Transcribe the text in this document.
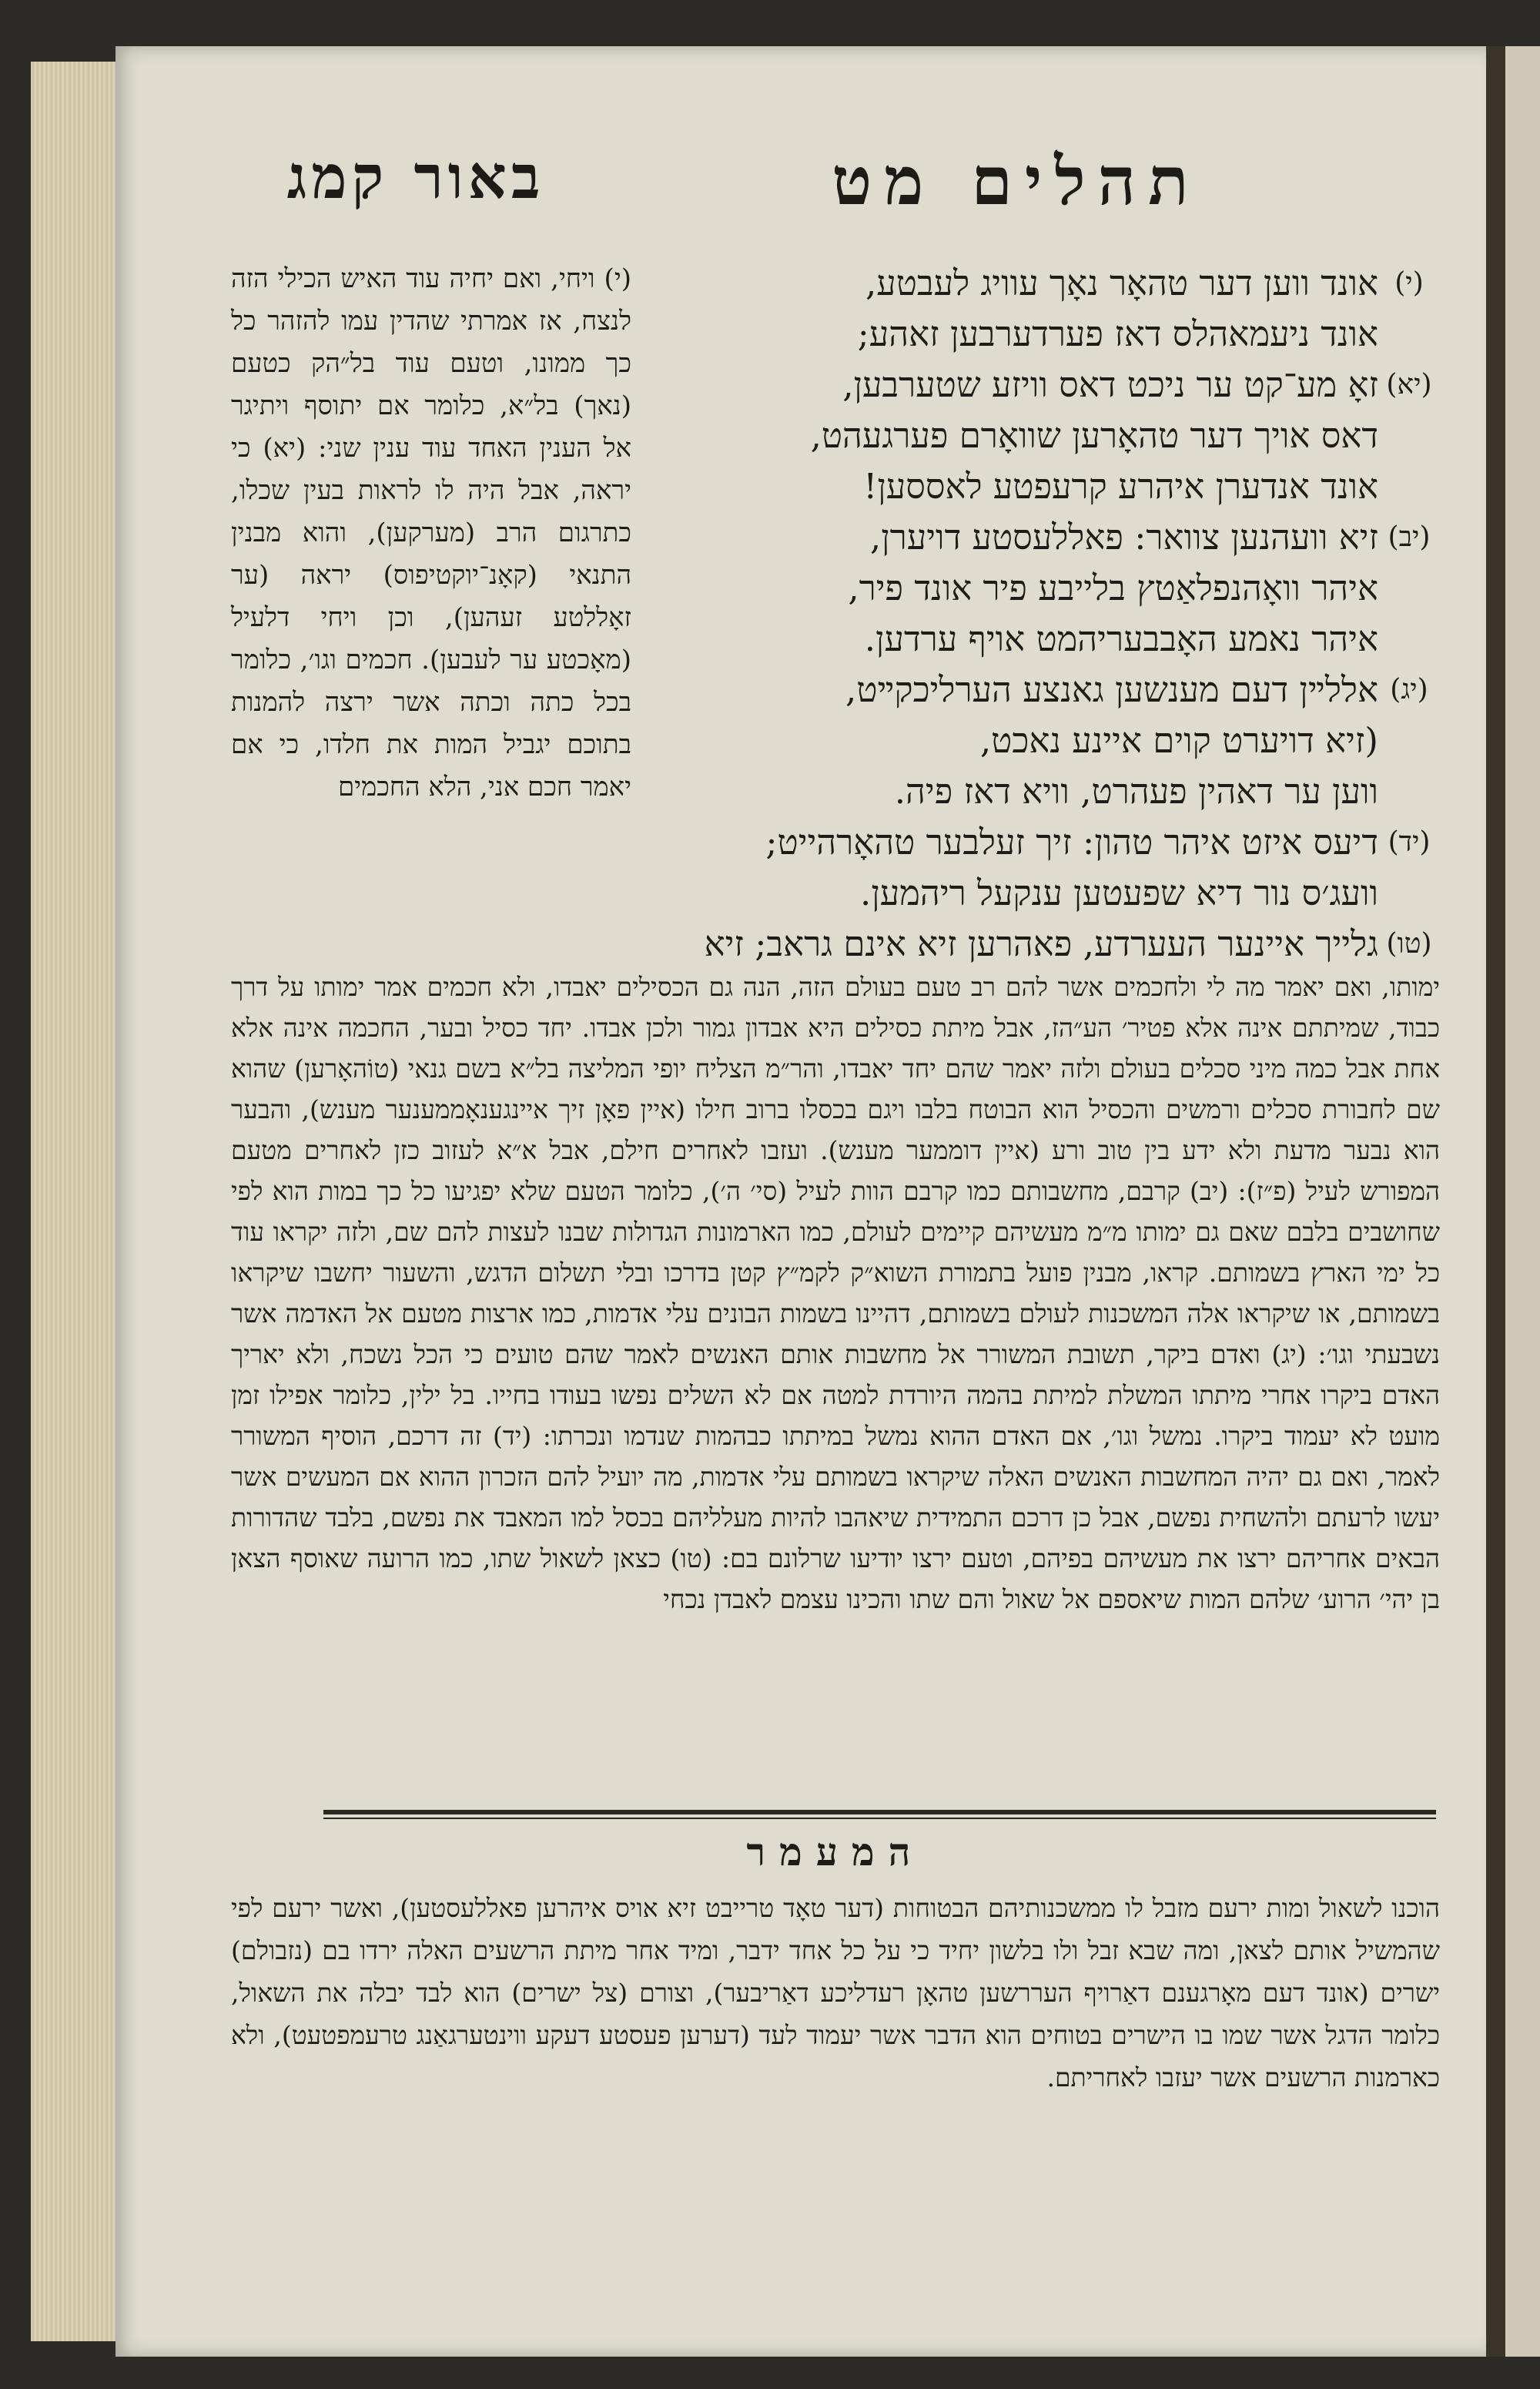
באור קמג	תהלים מט

(י) ויחי, ואם יחיה עוד האיש הכילי הזה לנצח, אז אמרתי שהדין עמו להזהר כל כך ממונו, וטעם עוד בל״הק כטעם (נאך) בל״א, כלומר אם יתוסף ויתיגר אל הענין האחד עוד ענין שני: (יא) כי יראה, אבל היה לו לראות בעין שכלו, כתרגום הרב (מערקען), והוא מבנין התנאי (קאָנ־יוקטיפוס) יראה (ער זאָללטע זעהען), וכן ויחי דלעיל (מאָכטע ער לעבען). חכמים וגו׳, כלומר בכל כתה וכתה אשר ירצה להמנות בתוכם יגביל המות את חלדו, כי אם יאמר חכם אני, הלא החכמים

(י)
אונד ווען דער טהאָר נאָך עוויג לעבטע,
אונד ניעמאהלס דאז פערדערבען זאהע;
(יא)
זאָ מע־קט ער ניכט דאס וויזע שטערבען,
דאס אויך דער טהאָרען שוואָרם פערגעהט,
אונד אנדערן איהרע קרעפטע לאססען!
(יב)
זיא וועהנען צוואר: פאללעסטע דויערן,
איהר וואָהנפלאַטץ בלייבע פיר אונד פיר,
איהר נאמע האָבבעריהמט אויף ערדען.
(יג)
אללײן דעם מענשען גאנצע הערליכקײט,
(זיא דויערט קוים איינע נאכט,
ווען ער דאהין פעהרט, וויא דאז פיה.
(יד)
דיעס איזט איהר טהון: זיך זעלבער טהאָרהייט;
וועג׳ס נור דיא שפעטען ענקעל ריהמען.
(טו)
גלייך איינער העערדע, פאהרען זיא אינם גראב; זיא
ימותו, ואם יאמר מה לי ולחכמים אשר להם רב טעם בעולם הזה, הנה גם הכסילים יאבדו, ולא חכמים אמר ימותו על דרך כבוד, שמיתתם אינה אלא פטיר׳ הע״הז, אבל מיתת כסילים היא אבדון גמור ולכן אבדו. יחד כסיל ובער, החכמה אינה אלא אחת אבל כמה מיני סכלים בעולם ולזה יאמר שהם יחד יאבדו, והר״מ הצליח יופי המליצה בל״א בשם גנאי (טוֹהאָרען) שהוא שם לחבורת סכלים ורמשים והכסיל הוא הבוטח בלבו ויגם בכסלו ברוב חילו (איין פאָן זיך איינגענאָממענער מענש), והבער הוא נבער מדעת ולא ידע בין טוב ורע (איין דוממער מענש). ועזבו לאחרים חילם, אבל א״א לעזוב כזן לאחרים מטעם המפורש לעיל (פ״ז): (יב) קרבם, מחשבותם כמו קרבם הוות לעיל (סי׳ ה׳), כלומר הטעם שלא יפגיעו כל כך במות הוא לפי שחושבים בלבם שאם גם ימותו מ״מ מעשיהם קיימים לעולם, כמו הארמונות הגדולות שבנו לעצות להם שם, ולזה יקראו עוד כל ימי הארץ בשמותם. קראו, מבנין פועל בתמורת השוא״ק לקמ״ץ קטן בדרכו ובלי תשלום הדגש, והשעור יחשבו שיקראו בשמותם, או שיקראו אלה המשכנות לעולם בשמותם, דהיינו בשמות הבונים עלי אדמות, כמו ארצות מטעם אל האדמה אשר נשבעתי וגו׳: (יג) ואדם ביקר, תשובת המשורר אל מחשבות אותם האנשים לאמר שהם טועים כי הכל נשכח, ולא יאריך האדם ביקרו אחרי מיתתו המשלת למיתת בהמה היורדת למטה אם לא השלים נפשו בעודו בחייו. בל ילין, כלומר אפילו זמן מועט לא יעמוד ביקרו. נמשל וגו׳, אם האדם ההוא נמשל במיתתו כבהמות שנדמו ונכרתו: (יד) זה דרכם, הוסיף המשורר לאמר, ואם גם יהיה המחשבות האנשים האלה שיקראו בשמותם עלי אדמות, מה יועיל להם הזכרון ההוא אם המעשים אשר יעשו לרעתם ולהשחית נפשם, אבל כן דרכם התמידית שיאהבו להיות מעלליהם בכסל למו המאבד את נפשם, בלבד שהדורות הבאים אחריהם ירצו את מעשיהם בפיהם, וטעם ירצו יודיעו שרלונם בם: (טו) כצאן לשאול שתו, כמו הרועה שאוסף הצאן בן יהי׳ הרוע׳ שלהם המות שיאספם אל שאול והם שתו והכינו עצמם לאבדן נכחי
המעמר
הוכנו לשאול ומות ירעם מזבל לו ממשכנותיהם הבטוחות (דער טאָד טרייבט זיא אויס איהרען פאללעסטען), ואשר ירעם לפי שהמשיל אותם לצאן, ומה שבא זבל ולו בלשון יחיד כי על כל אחד ידבר, ומיד אחר מיתת הרשעים האלה ירדו בם (נזבולם) ישרים (אונד דעם מאָרגענם דאַרויף העררשען טהאָן רעדליכע דאַריבער), וצורם (צל ישרים) הוא לבד יבלה את השאול, כלומר הדגל אשר שמו בו הישרים בטוחים הוא הדבר אשר יעמוד לעד (דערען פעסטע דעקע ווינטערגאַנג טרעמפטעט), ולא כארמנות הרשעים אשר יעזבו לאחריתם.
